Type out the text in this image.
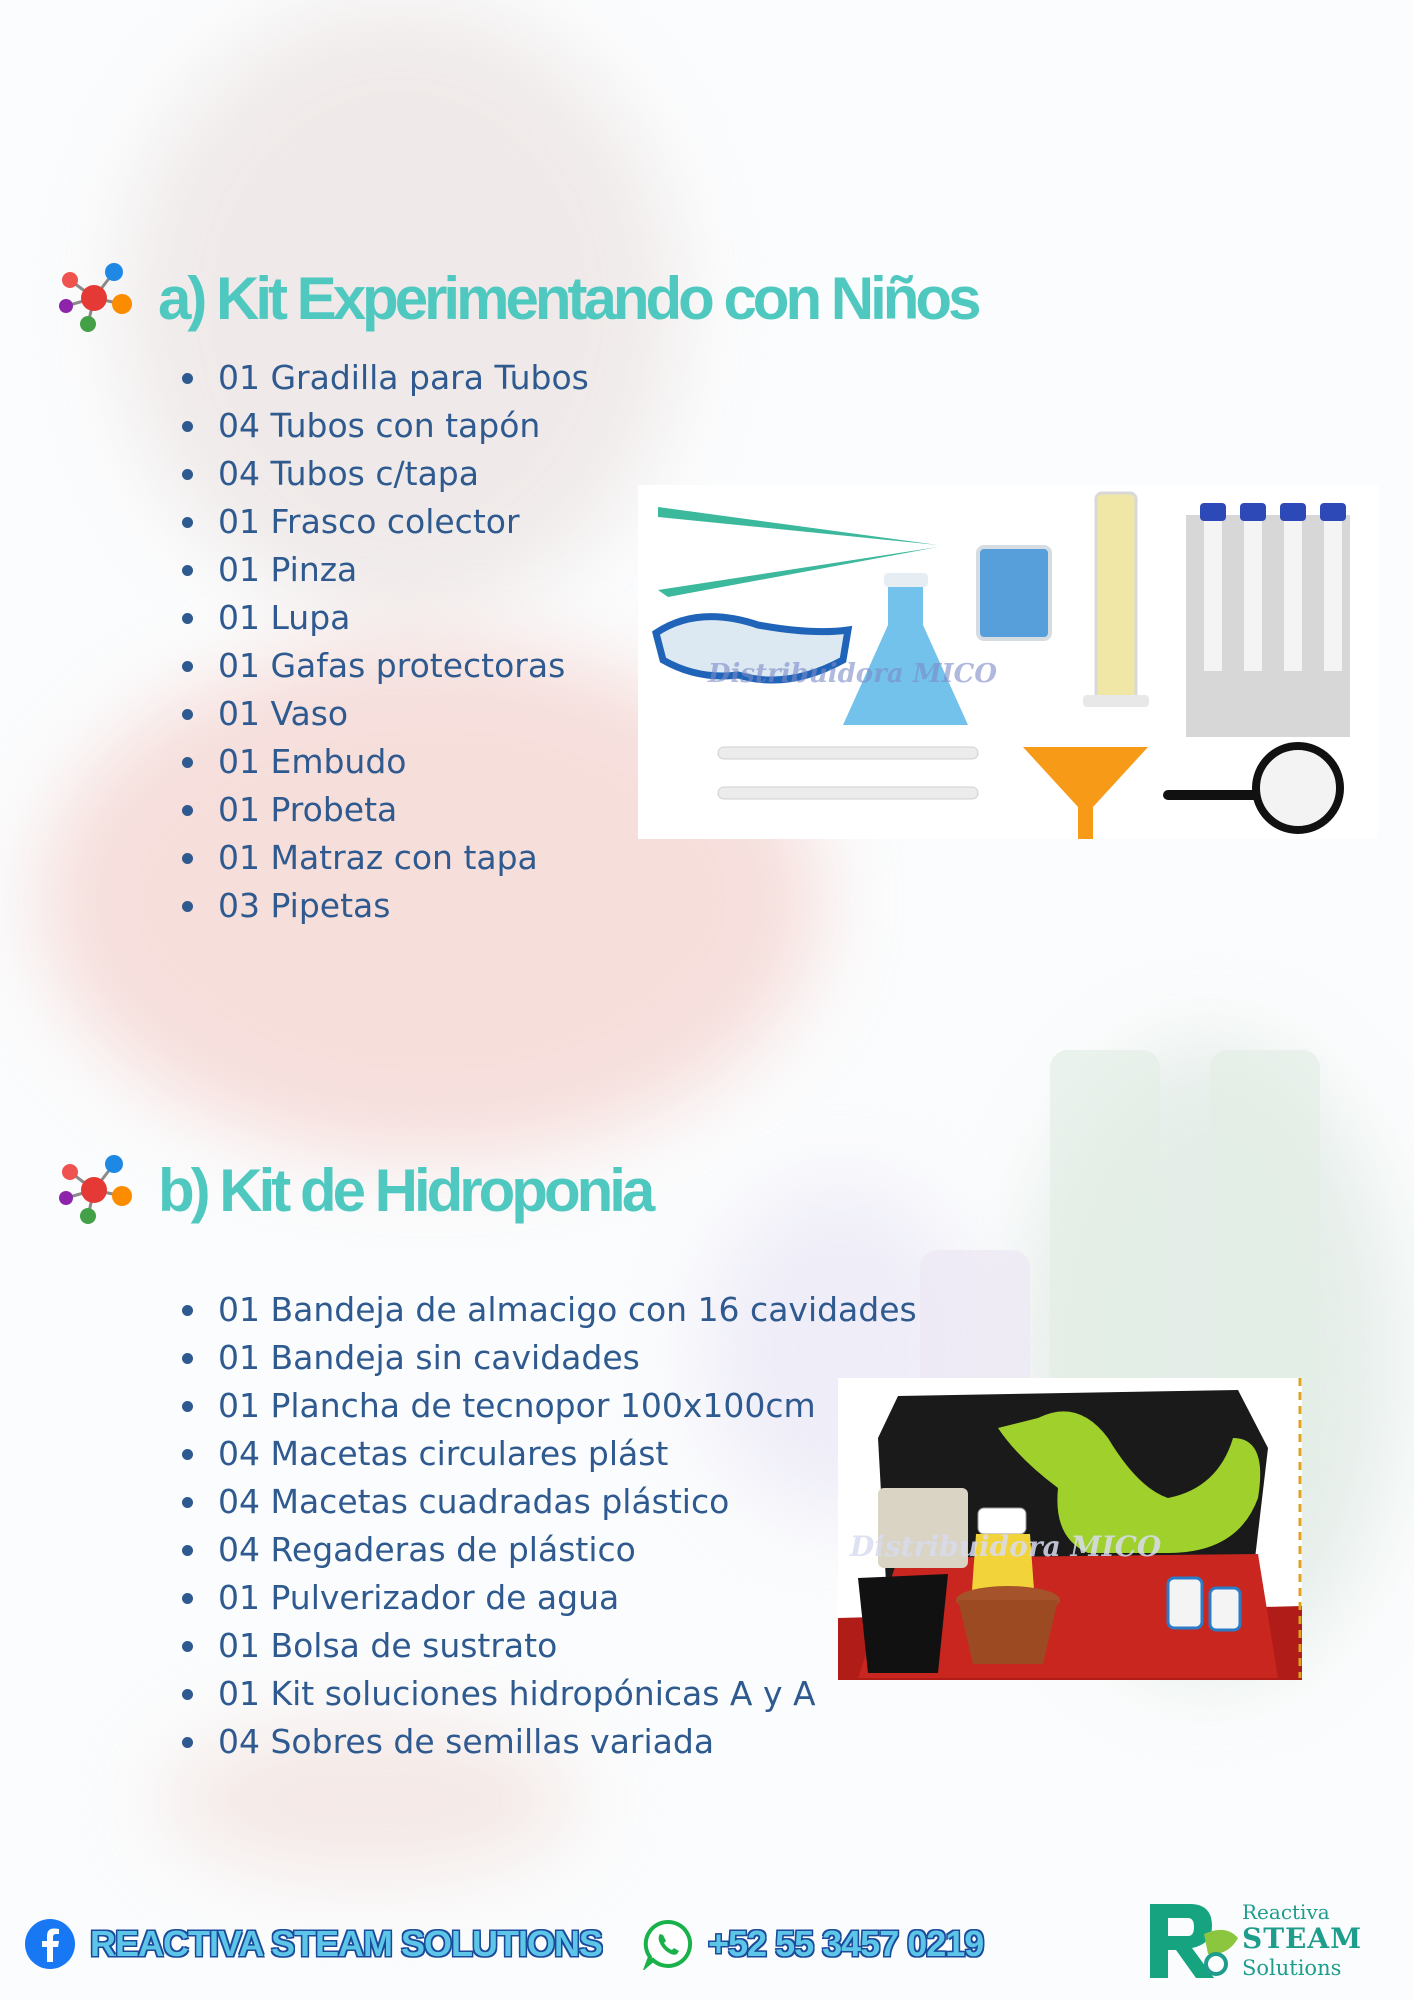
a) Kit Experimentando con Niños
01 Gradilla para Tubos
04 Tubos con tapón
04 Tubos c/tapa
01 Frasco colector
01 Pinza
01 Lupa
01 Gafas protectoras
01 Vaso
01 Embudo
01 Probeta
01 Matraz con tapa
03 Pipetas
Distribuidora MICO
b) Kit de Hidroponia
01 Bandeja de almacigo con 16 cavidades
01 Bandeja sin cavidades
01 Plancha de tecnopor 100x100cm
04 Macetas circulares plást
04 Macetas cuadradas plástico
04 Regaderas de plástico
01 Pulverizador de agua
01 Bolsa de sustrato
01 Kit soluciones hidropónicas A y A
04 Sobres de semillas variada
Distribuidora MICO
REACTIVA STEAM SOLUTIONS	+52 55 3457 0219
Reactiva
STEAM
Solutions
